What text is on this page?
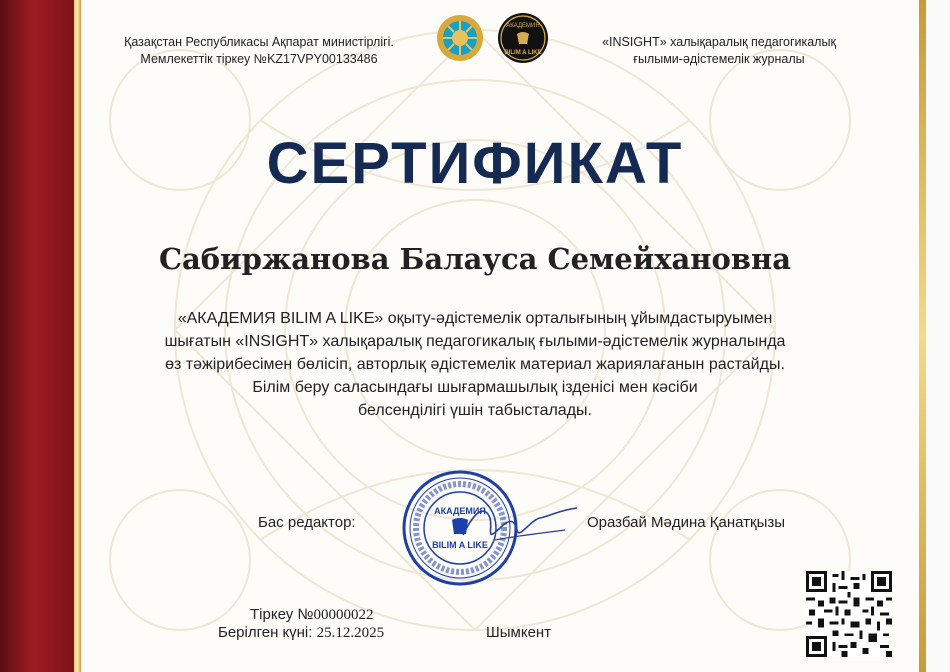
Қазақстан Республикасы Ақпарат министірлігі.
Мемлекеттік тіркеу №KZ17VPY00133486
АКАДЕМИЯ
BILIM A LIKE
«INSIGHT» халықаралық педагогикалық
ғылыми-әдістемелік журналы
СЕРТИФИКАТ
Сабиржанова Балауса Семейхановна

«АКАДЕМИЯ BILIM A LIKE» оқыту-әдістемелік орталығының ұйымдастыруымен

шығатын «INSIGHT» халықаралық педагогикалық ғылыми-әдістемелік журналында

өз тәжірибесімен бөлісіп, авторлық әдістемелік материал жариялағанын растайды.

Білім беру саласындағы шығармашылық ізденісі мен кәсіби

белсенділігі үшін табысталады.

Бас редактор:	Оразбай Мәдина Қанатқызы
АКАДЕМИЯ
BILIM A LIKE
Тіркеу №00000022
Берілген күні: 25.12.2025	Шымкент
